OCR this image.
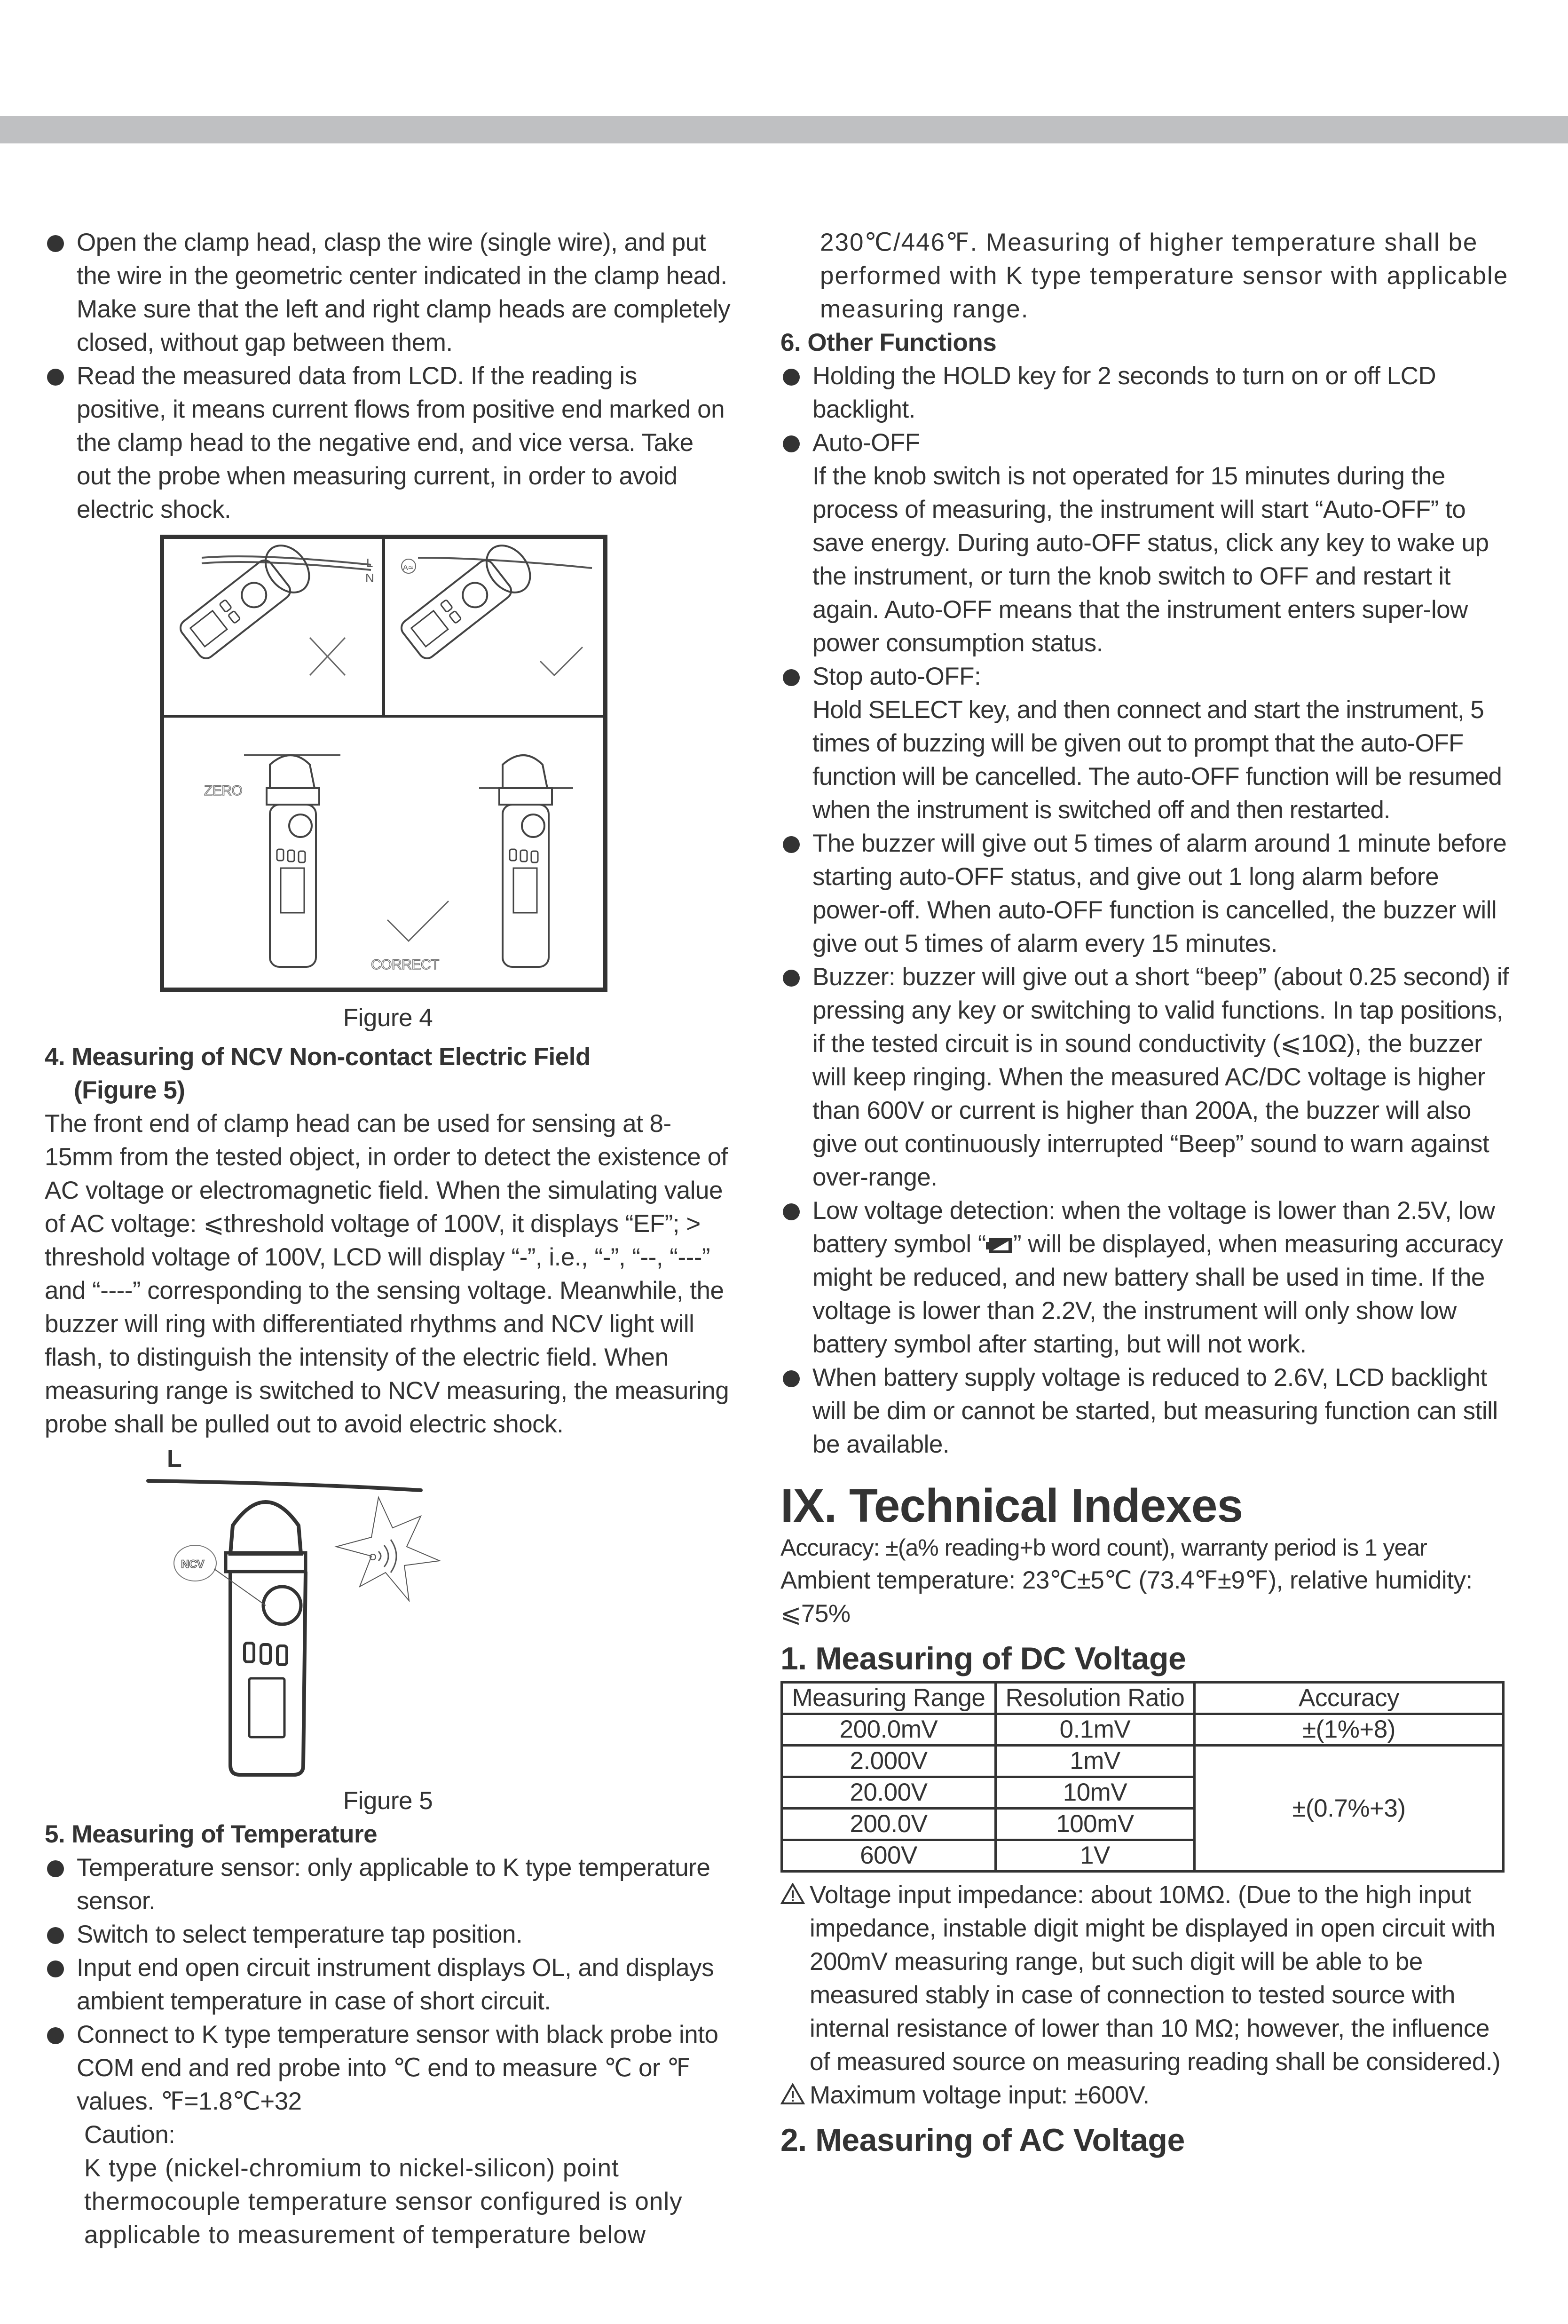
Open the clamp head, clasp the wire (single wire), and put the wire in the geometric center indicated in the clamp head. Make sure that the left and right clamp heads are completely closed, without gap between them.
Read the measured data from LCD. If the reading is positive, it means current flows from positive end marked on the clamp head to the negative end, and vice versa. Take out the probe when measuring current, in order to avoid electric shock.
L
N
A≃
ZERO
CORRECT
Figure 4
4. Measuring of NCV Non-contact Electric Field
(Figure 5)
The front end of clamp head can be used for sensing at 8-15mm from the tested object, in order to detect the existence of AC voltage or electromagnetic field. When the simulating value of AC voltage: ⩽threshold voltage of 100V, it displays “EF”; > threshold voltage of 100V, LCD will display “-”, i.e., “-”, “--, “---” and “----” corresponding to the sensing voltage. Meanwhile, the buzzer will ring with differentiated rhythms and NCV light will flash, to distinguish the intensity of the electric field. When measuring range is switched to NCV measuring, the measuring probe shall be pulled out to avoid electric shock.
L
NCV
Figure 5
5. Measuring of Temperature
Temperature sensor: only applicable to K type temperature sensor.
Switch to select temperature tap position.
Input end open circuit instrument displays OL, and displays ambient temperature in case of short circuit.
Connect to K type temperature sensor with black probe into COM end and red probe into ℃ end to measure ℃ or ℉ values. ℉=1.8℃+32
Caution:
K type (nickel-chromium to nickel-silicon) point thermocouple temperature sensor configured is only applicable to measurement of temperature below
230℃/446℉. Measuring of higher temperature shall be performed with K type temperature sensor with applicable measuring range.
6. Other Functions
Holding the HOLD key for 2 seconds to turn on or off LCD backlight.
Auto-OFF
If the knob switch is not operated for 15 minutes during the process of measuring, the instrument will start “Auto-OFF” to save energy. During auto-OFF status, click any key to wake up the instrument, or turn the knob switch to OFF and restart it again. Auto-OFF means that the instrument enters super-low power consumption status.
Stop auto-OFF:
Hold SELECT key, and then connect and start the instrument, 5 times of buzzing will be given out to prompt that the auto-OFF function will be cancelled. The auto-OFF function will be resumed when the instrument is switched off and then restarted.
The buzzer will give out 5 times of alarm around 1 minute before starting auto-OFF status, and give out 1 long alarm before power-off. When auto-OFF function is cancelled, the buzzer will give out 5 times of alarm every 15 minutes.
Buzzer: buzzer will give out a short “beep” (about 0.25 second) if pressing any key or switching to valid functions. In tap positions, if the tested circuit is in sound conductivity (⩽10Ω), the buzzer will keep ringing. When the measured AC/DC voltage is higher than 600V or current is higher than 200A, the buzzer will also give out continuously interrupted “Beep” sound to warn against over-range.
Low voltage detection: when the voltage is lower than 2.5V, low battery symbol “ ” will be displayed, when measuring accuracy might be reduced, and new battery shall be used in time. If the voltage is lower than 2.2V, the instrument will only show low battery symbol after starting, but will not work.
When battery supply voltage is reduced to 2.6V, LCD backlight will be dim or cannot be started, but measuring function can still be available.
IX. Technical Indexes
Accuracy: ±(a% reading+b word count), warranty period is 1 year
Ambient temperature: 23℃±5℃ (73.4℉±9℉), relative humidity: ⩽75%
1. Measuring of DC Voltage
Measuring Range	Resolution Ratio	Accuracy
200.0mV	0.1mV	±(1%+8)
2.000V	1mV	±(0.7%+3)
20.00V	10mV	
200.0V	100mV	
600V	1V	
Voltage input impedance: about 10MΩ. (Due to the high input impedance, instable digit might be displayed in open circuit with 200mV measuring range, but such digit will be able to be measured stably in case of connection to tested source with internal resistance of lower than 10 MΩ; however, the influence of measured source on measuring reading shall be considered.)
Maximum voltage input: ±600V.
2. Measuring of AC Voltage
